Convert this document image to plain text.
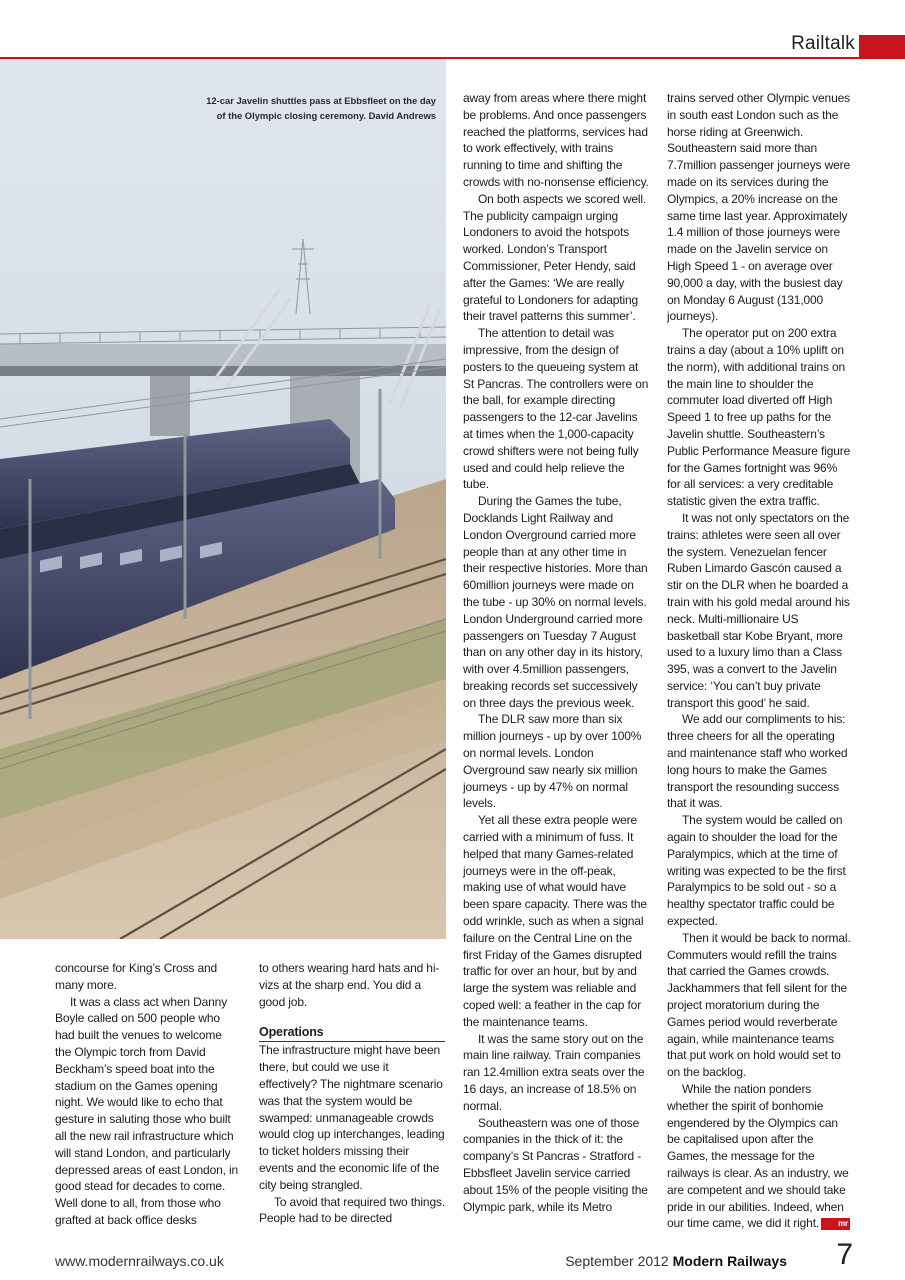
Railtalk
12-car Javelin shuttles pass at Ebbsfleet on the day
of the Olympic closing ceremony. David Andrews

concourse for King’s Cross and many more.

It was a class act when Danny Boyle called on 500 people who had built the venues to welcome the Olympic torch from David Beckham’s speed boat into the stadium on the Games opening night. We would like to echo that gesture in saluting those who built all the new rail infrastructure which will stand London, and particularly depressed areas of east London, in good stead for decades to come. Well done to all, from those who grafted at back office desks

to others wearing hard hats and hi-vizs at the sharp end. You did a good job.

Operations

The infrastructure might have been there, but could we use it effectively? The nightmare scenario was that the system would be swamped: unmanageable crowds would clog up interchanges, leading to ticket holders missing their events and the economic life of the city being strangled.

To avoid that required two things. People had to be directed

away from areas where there might be problems. And once passengers reached the platforms, services had to work effectively, with trains running to time and shifting the crowds with no-nonsense efficiency.

On both aspects we scored well. The publicity campaign urging Londoners to avoid the hotspots worked. London’s Transport Commissioner, Peter Hendy, said after the Games: ‘We are really grateful to Londoners for adapting their travel patterns this summer’.

The attention to detail was impressive, from the design of posters to the queueing system at St Pancras. The controllers were on the ball, for example directing passengers to the 12-car Javelins at times when the 1,000-capacity crowd shifters were not being fully used and could help relieve the tube.

During the Games the tube, Docklands Light Railway and London Overground carried more people than at any other time in their respective histories. More than 60million journeys were made on the tube - up 30% on normal levels. London Underground carried more passengers on Tuesday 7 August than on any other day in its history, with over 4.5million passengers, breaking records set successively on three days the previous week.

The DLR saw more than six million journeys - up by over 100% on normal levels. London Overground saw nearly six million journeys - up by 47% on normal levels.

Yet all these extra people were carried with a minimum of fuss. It helped that many Games-related journeys were in the off-peak, making use of what would have been spare capacity. There was the odd wrinkle, such as when a signal failure on the Central Line on the first Friday of the Games disrupted traffic for over an hour, but by and large the system was reliable and coped well: a feather in the cap for the maintenance teams.

It was the same story out on the main line railway. Train companies ran 12.4million extra seats over the 16 days, an increase of 18.5% on normal.

Southeastern was one of those companies in the thick of it: the company’s St Pancras - Stratford - Ebbsfleet Javelin service carried about 15% of the people visiting the Olympic park, while its Metro

trains served other Olympic venues in south east London such as the horse riding at Greenwich. Southeastern said more than 7.7million passenger journeys were made on its services during the Olympics, a 20% increase on the same time last year. Approximately 1.4 million of those journeys were made on the Javelin service on High Speed 1 - on average over 90,000 a day, with the busiest day on Monday 6 August (131,000 journeys).

The operator put on 200 extra trains a day (about a 10% uplift on the norm), with additional trains on the main line to shoulder the commuter load diverted off High Speed 1 to free up paths for the Javelin shuttle. Southeastern’s Public Performance Measure figure for the Games fortnight was 96% for all services: a very creditable statistic given the extra traffic.

It was not only spectators on the trains: athletes were seen all over the system. Venezuelan fencer Ruben Limardo Gascón caused a stir on the DLR when he boarded a train with his gold medal around his neck. Multi-millionaire US basketball star Kobe Bryant, more used to a luxury limo than a Class 395, was a convert to the Javelin service: ‘You can’t buy private transport this good’ he said.

We add our compliments to his: three cheers for all the operating and maintenance staff who worked long hours to make the Games transport the resounding success that it was.

The system would be called on again to shoulder the load for the Paralympics, which at the time of writing was expected to be the first Paralympics to be sold out - so a healthy spectator traffic could be expected.

Then it would be back to normal. Commuters would refill the trains that carried the Games crowds. Jackhammers that fell silent for the project moratorium during the Games period would reverberate again, while maintenance teams that put work on hold would set to on the backlog.

While the nation ponders whether the spirit of bonhomie engendered by the Olympics can be capitalised upon after the Games, the message for the railways is clear. As an industry, we are competent and we should take pride in our abilities. Indeed, when our time came, we did it right. mr

www.modernrailways.co.uk	September 2012 Modern Railways 7
